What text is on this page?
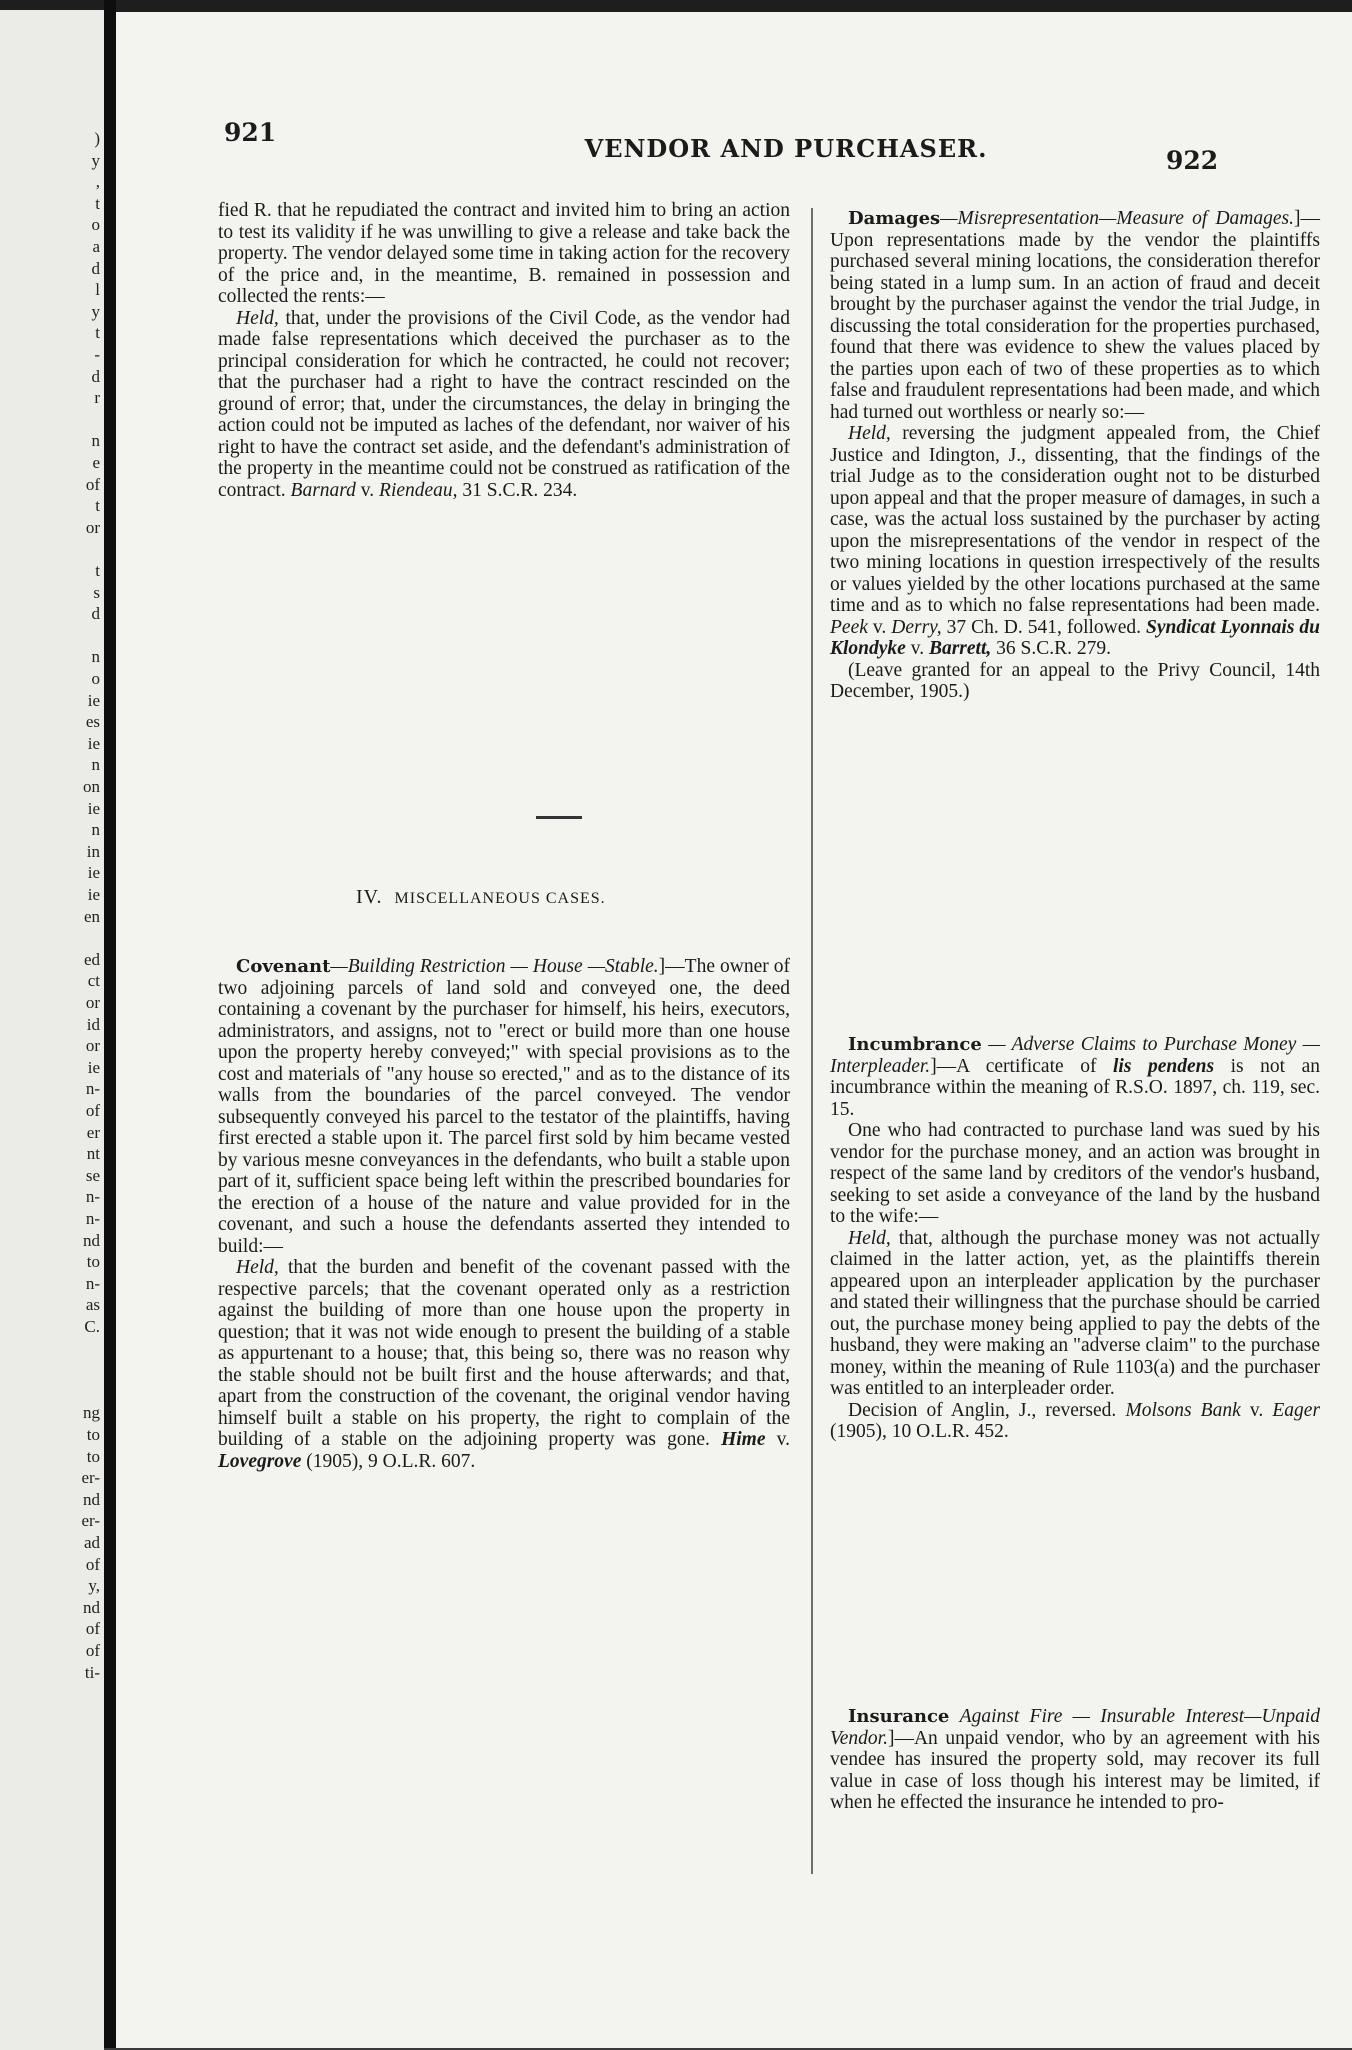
)
y
,
t
o
a
d
l
y
t
-
d
r
n
e
of
t
or
t
s
d
n
o
ie
es
ie
n
on
ie
n
in
ie
ie
en
ed
ct
or
id
or
ie
n-
of
er
nt
se
n-
n-
nd
to
n-
as
C.
ng
to
to
er-
nd
er-
ad
of
y,
nd
of
of
ti-
921
VENDOR AND PURCHASER.	922

fied R. that he repudiated the contract and invited him to bring an action to test its validity if he was unwilling to give a release and take back the property. The vendor delayed some time in taking action for the recovery of the price and, in the meantime, B. remained in possession and collected the rents:—

Held, that, under the provisions of the Civil Code, as the vendor had made false representations which deceived the purchaser as to the principal consideration for which he contracted, he could not recover; that the purchaser had a right to have the contract rescinded on the ground of error; that, under the circumstances, the delay in bringing the action could not be imputed as laches of the defendant, nor waiver of his right to have the contract set aside, and the defendant's administration of the property in the meantime could not be construed as ratification of the contract. Barnard v. Riendeau, 31 S.C.R. 234.

IV. MISCELLANEOUS CASES.

Covenant—Building Restriction — House —Stable.]—The owner of two adjoining parcels of land sold and conveyed one, the deed containing a covenant by the purchaser for himself, his heirs, executors, administrators, and assigns, not to "erect or build more than one house upon the property hereby conveyed;" with special provisions as to the cost and materials of "any house so erected," and as to the distance of its walls from the boundaries of the parcel conveyed. The vendor subsequently conveyed his parcel to the testator of the plaintiffs, having first erected a stable upon it. The parcel first sold by him became vested by various mesne conveyances in the defendants, who built a stable upon part of it, sufficient space being left within the prescribed boundaries for the erection of a house of the nature and value provided for in the covenant, and such a house the defendants asserted they intended to build:—

Held, that the burden and benefit of the covenant passed with the respective parcels; that the covenant operated only as a restriction against the building of more than one house upon the property in question; that it was not wide enough to present the building of a stable as appurtenant to a house; that, this being so, there was no reason why the stable should not be built first and the house afterwards; and that, apart from the construction of the covenant, the original vendor having himself built a stable on his property, the right to complain of the building of a stable on the adjoining property was gone. Hime v. Lovegrove (1905), 9 O.L.R. 607.

Damages—Misrepresentation—Measure of Damages.]—Upon representations made by the vendor the plaintiffs purchased several mining locations, the consideration therefor being stated in a lump sum. In an action of fraud and deceit brought by the purchaser against the vendor the trial Judge, in discussing the total consideration for the properties purchased, found that there was evidence to shew the values placed by the parties upon each of two of these properties as to which false and fraudulent representations had been made, and which had turned out worthless or nearly so:—

Held, reversing the judgment appealed from, the Chief Justice and Idington, J., dissenting, that the findings of the trial Judge as to the consideration ought not to be disturbed upon appeal and that the proper measure of damages, in such a case, was the actual loss sustained by the purchaser by acting upon the misrepresentations of the vendor in respect of the two mining locations in question irrespectively of the results or values yielded by the other locations purchased at the same time and as to which no false representations had been made. Peek v. Derry, 37 Ch. D. 541, followed. Syndicat Lyonnais du Klondyke v. Barrett, 36 S.C.R. 279.

(Leave granted for an appeal to the Privy Council, 14th December, 1905.)

Incumbrance — Adverse Claims to Purchase Money — Interpleader.]—A certificate of lis pendens is not an incumbrance within the meaning of R.S.O. 1897, ch. 119, sec. 15.

One who had contracted to purchase land was sued by his vendor for the purchase money, and an action was brought in respect of the same land by creditors of the vendor's husband, seeking to set aside a conveyance of the land by the husband to the wife:—

Held, that, although the purchase money was not actually claimed in the latter action, yet, as the plaintiffs therein appeared upon an interpleader application by the purchaser and stated their willingness that the purchase should be carried out, the purchase money being applied to pay the debts of the husband, they were making an "adverse claim" to the purchase money, within the meaning of Rule 1103(a) and the purchaser was entitled to an interpleader order.

Decision of Anglin, J., reversed. Molsons Bank v. Eager (1905), 10 O.L.R. 452.

Insurance Against Fire — Insurable Interest—Unpaid Vendor.]—An unpaid vendor, who by an agreement with his vendee has insured the property sold, may recover its full value in case of loss though his interest may be limited, if when he effected the insurance he intended to pro-
